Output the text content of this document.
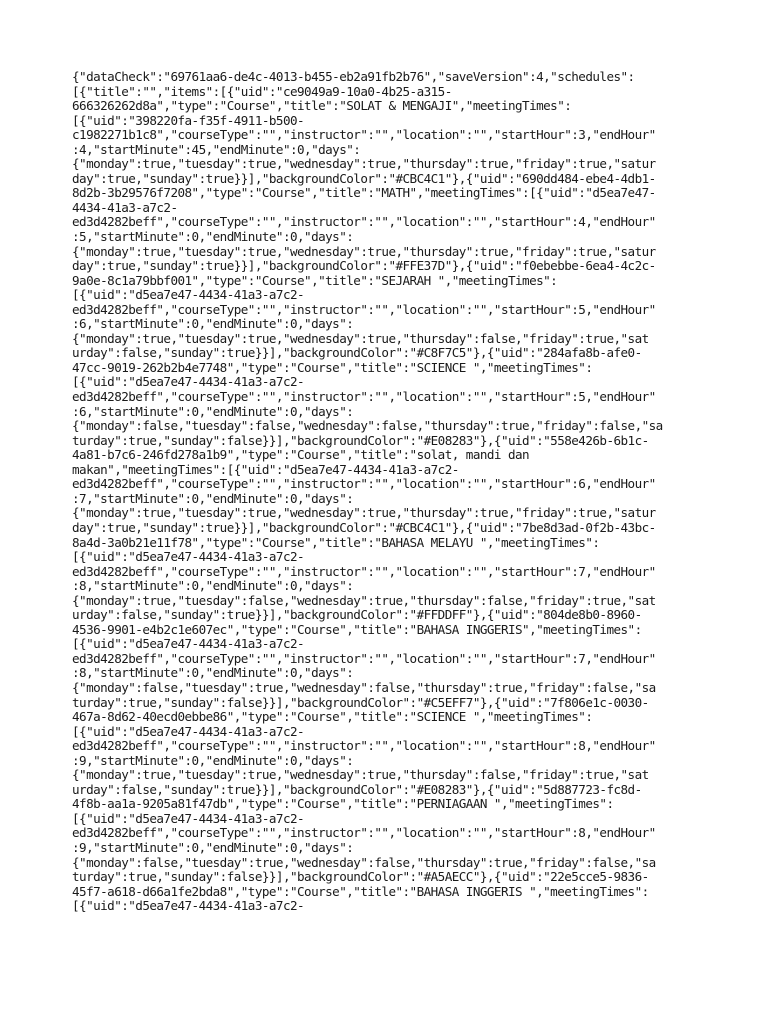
{"dataCheck":"69761aa6-de4c-4013-b455-eb2a91fb2b76","saveVersion":4,"schedules":
[{"title":"","items":[{"uid":"ce9049a9-10a0-4b25-a315-
666326262d8a","type":"Course","title":"SOLAT & MENGAJI","meetingTimes":
[{"uid":"398220fa-f35f-4911-b500-
c1982271b1c8","courseType":"","instructor":"","location":"","startHour":3,"endHour"
:4,"startMinute":45,"endMinute":0,"days":
{"monday":true,"tuesday":true,"wednesday":true,"thursday":true,"friday":true,"satur
day":true,"sunday":true}}],"backgroundColor":"#CBC4C1"},{"uid":"690dd484-ebe4-4db1-
8d2b-3b29576f7208","type":"Course","title":"MATH","meetingTimes":[{"uid":"d5ea7e47-
4434-41a3-a7c2-
ed3d4282beff","courseType":"","instructor":"","location":"","startHour":4,"endHour"
:5,"startMinute":0,"endMinute":0,"days":
{"monday":true,"tuesday":true,"wednesday":true,"thursday":true,"friday":true,"satur
day":true,"sunday":true}}],"backgroundColor":"#FFE37D"},{"uid":"f0ebebbe-6ea4-4c2c-
9a0e-8c1a79bbf001","type":"Course","title":"SEJARAH ","meetingTimes":
[{"uid":"d5ea7e47-4434-41a3-a7c2-
ed3d4282beff","courseType":"","instructor":"","location":"","startHour":5,"endHour"
:6,"startMinute":0,"endMinute":0,"days":
{"monday":true,"tuesday":true,"wednesday":true,"thursday":false,"friday":true,"sat
urday":false,"sunday":true}}],"backgroundColor":"#C8F7C5"},{"uid":"284afa8b-afe0-
47cc-9019-262b2b4e7748","type":"Course","title":"SCIENCE ","meetingTimes":
[{"uid":"d5ea7e47-4434-41a3-a7c2-
ed3d4282beff","courseType":"","instructor":"","location":"","startHour":5,"endHour"
:6,"startMinute":0,"endMinute":0,"days":
{"monday":false,"tuesday":false,"wednesday":false,"thursday":true,"friday":false,"sa
turday":true,"sunday":false}}],"backgroundColor":"#E08283"},{"uid":"558e426b-6b1c-
4a81-b7c6-246fd278a1b9","type":"Course","title":"solat, mandi dan
makan","meetingTimes":[{"uid":"d5ea7e47-4434-41a3-a7c2-
ed3d4282beff","courseType":"","instructor":"","location":"","startHour":6,"endHour"
:7,"startMinute":0,"endMinute":0,"days":
{"monday":true,"tuesday":true,"wednesday":true,"thursday":true,"friday":true,"satur
day":true,"sunday":true}}],"backgroundColor":"#CBC4C1"},{"uid":"7be8d3ad-0f2b-43bc-
8a4d-3a0b21e11f78","type":"Course","title":"BAHASA MELAYU ","meetingTimes":
[{"uid":"d5ea7e47-4434-41a3-a7c2-
ed3d4282beff","courseType":"","instructor":"","location":"","startHour":7,"endHour"
:8,"startMinute":0,"endMinute":0,"days":
{"monday":true,"tuesday":false,"wednesday":true,"thursday":false,"friday":true,"sat
urday":false,"sunday":true}}],"backgroundColor":"#FFDDFF"},{"uid":"804de8b0-8960-
4536-9901-e4b2c1e607ec","type":"Course","title":"BAHASA INGGERIS","meetingTimes":
[{"uid":"d5ea7e47-4434-41a3-a7c2-
ed3d4282beff","courseType":"","instructor":"","location":"","startHour":7,"endHour"
:8,"startMinute":0,"endMinute":0,"days":
{"monday":false,"tuesday":true,"wednesday":false,"thursday":true,"friday":false,"sa
turday":true,"sunday":false}}],"backgroundColor":"#C5EFF7"},{"uid":"7f806e1c-0030-
467a-8d62-40ecd0ebbe86","type":"Course","title":"SCIENCE ","meetingTimes":
[{"uid":"d5ea7e47-4434-41a3-a7c2-
ed3d4282beff","courseType":"","instructor":"","location":"","startHour":8,"endHour"
:9,"startMinute":0,"endMinute":0,"days":
{"monday":true,"tuesday":true,"wednesday":true,"thursday":false,"friday":true,"sat
urday":false,"sunday":true}}],"backgroundColor":"#E08283"},{"uid":"5d887723-fc8d-
4f8b-aa1a-9205a81f47db","type":"Course","title":"PERNIAGAAN ","meetingTimes":
[{"uid":"d5ea7e47-4434-41a3-a7c2-
ed3d4282beff","courseType":"","instructor":"","location":"","startHour":8,"endHour"
:9,"startMinute":0,"endMinute":0,"days":
{"monday":false,"tuesday":true,"wednesday":false,"thursday":true,"friday":false,"sa
turday":true,"sunday":false}}],"backgroundColor":"#A5AECC"},{"uid":"22e5cce5-9836-
45f7-a618-d66a1fe2bda8","type":"Course","title":"BAHASA INGGERIS ","meetingTimes":
[{"uid":"d5ea7e47-4434-41a3-a7c2-
